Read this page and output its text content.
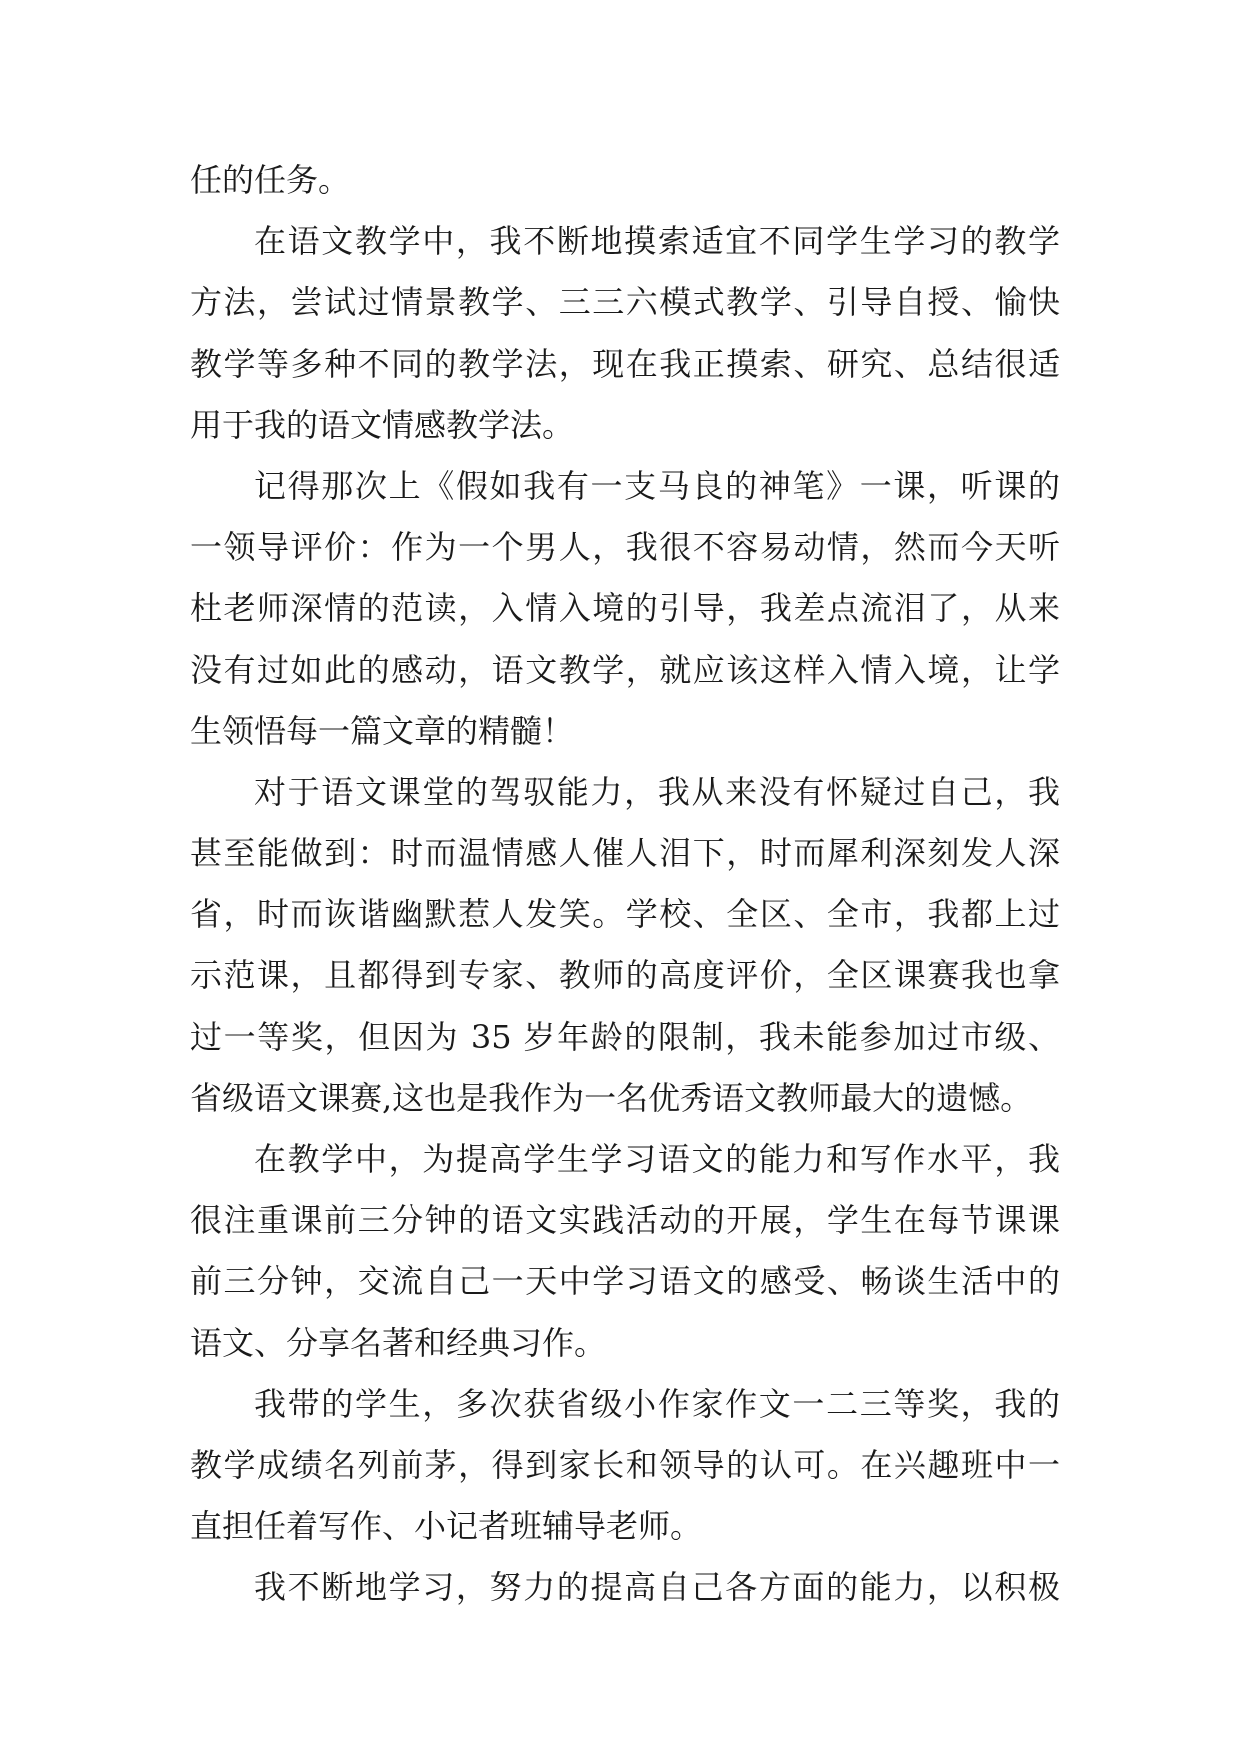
任的任务。
在语文教学中，我不断地摸索适宜不同学生学习的教学
方法，尝试过情景教学、三三六模式教学、引导自授、愉快
教学等多种不同的教学法，现在我正摸索、研究、总结很适
用于我的语文情感教学法。
记得那次上《假如我有一支马良的神笔》一课，听课的
一领导评价：作为一个男人，我很不容易动情，然而今天听
杜老师深情的范读，入情入境的引导，我差点流泪了，从来
没有过如此的感动，语文教学，就应该这样入情入境，让学
生领悟每一篇文章的精髓！
对于语文课堂的驾驭能力，我从来没有怀疑过自己，我
甚至能做到：时而温情感人催人泪下，时而犀利深刻发人深
省，时而诙谐幽默惹人发笑。学校、全区、全市，我都上过
示范课，且都得到专家、教师的高度评价，全区课赛我也拿
过一等奖，但因为 35 岁年龄的限制，我未能参加过市级、
省级语文课赛,这也是我作为一名优秀语文教师最大的遗憾。
在教学中，为提高学生学习语文的能力和写作水平，我
很注重课前三分钟的语文实践活动的开展，学生在每节课课
前三分钟，交流自己一天中学习语文的感受、畅谈生活中的
语文、分享名著和经典习作。
我带的学生，多次获省级小作家作文一二三等奖，我的
教学成绩名列前茅，得到家长和领导的认可。在兴趣班中一
直担任着写作、小记者班辅导老师。
我不断地学习，努力的提高自己各方面的能力，以积极
